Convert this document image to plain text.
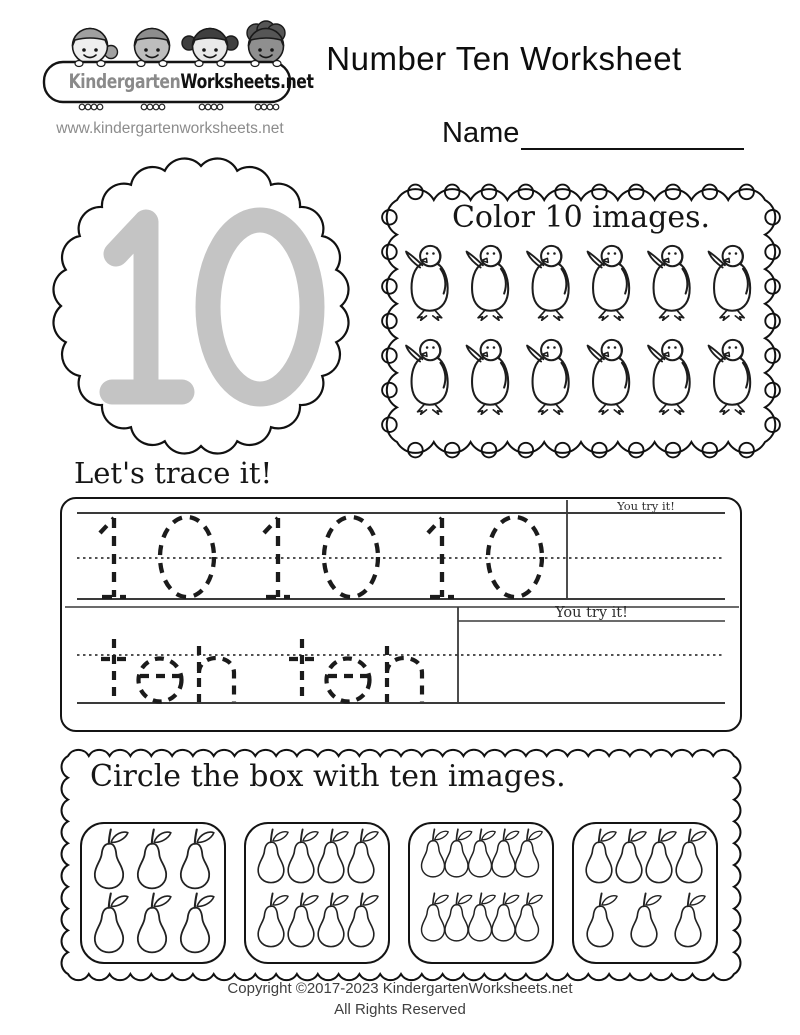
KindergartenWorksheets.net
www.kindergartenworksheets.net
Number Ten Worksheet
Name
Color 10 images.
Let's trace it!
You try it!
You try it!
Circle the box with ten images.
Copyright ©2017-2023 KindergartenWorksheets.net
All Rights Reserved
